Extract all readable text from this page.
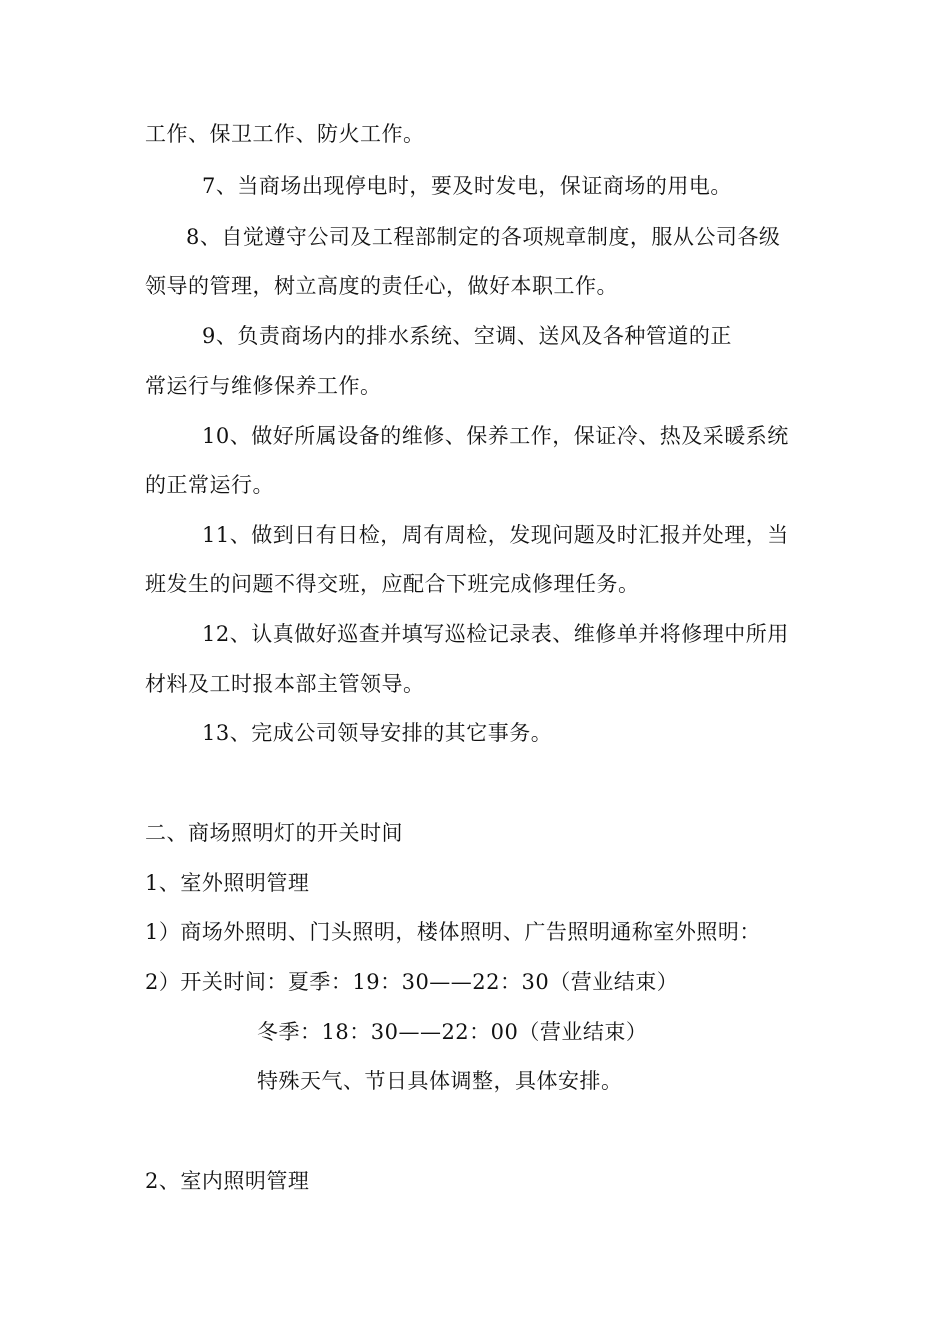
工作、保卫工作、防火工作。
7、当商场出现停电时，要及时发电，保证商场的用电。
8、自觉遵守公司及工程部制定的各项规章制度，服从公司各级
领导的管理，树立高度的责任心，做好本职工作。
9、负责商场内的排水系统、空调、送风及各种管道的正
常运行与维修保养工作。
10、做好所属设备的维修、保养工作，保证冷、热及采暖系统
的正常运行。
11、做到日有日检，周有周检，发现问题及时汇报并处理，当
班发生的问题不得交班，应配合下班完成修理任务。
12、认真做好巡查并填写巡检记录表、维修单并将修理中所用
材料及工时报本部主管领导。
13、完成公司领导安排的其它事务。
二、商场照明灯的开关时间
1、室外照明管理
1）商场外照明、门头照明，楼体照明、广告照明通称室外照明：
2）开关时间：夏季：19：30——22：30（营业结束）
冬季：18：30——22：00（营业结束）
特殊天气、节日具体调整，具体安排。
2、室内照明管理
